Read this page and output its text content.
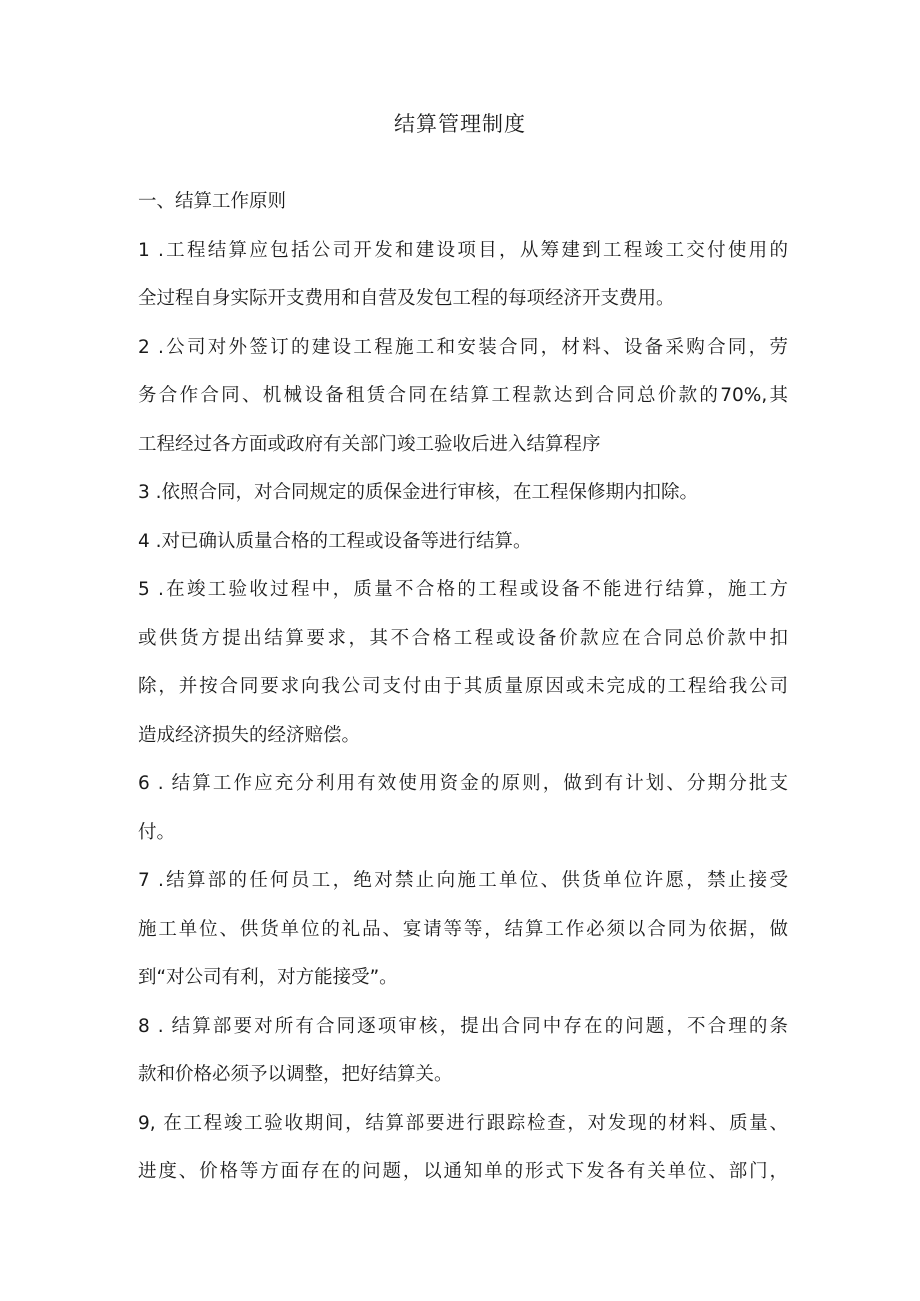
结算管理制度
一、结算工作原则
1 .工程结算应包括公司开发和建设项目，从筹建到工程竣工交付使用的
全过程自身实际开支费用和自营及发包工程的每项经济开支费用。
2 .公司对外签订的建设工程施工和安装合同，材料、设备采购合同，劳
务合作合同、机械设备租赁合同在结算工程款达到合同总价款的70%,其
工程经过各方面或政府有关部门竣工验收后进入结算程序
3 .依照合同，对合同规定的质保金进行审核，在工程保修期内扣除。
4 .对已确认质量合格的工程或设备等进行结算。
5 .在竣工验收过程中，质量不合格的工程或设备不能进行结算，施工方
或供货方提出结算要求，其不合格工程或设备价款应在合同总价款中扣
除，并按合同要求向我公司支付由于其质量原因或未完成的工程给我公司
造成经济损失的经济赔偿。
6 . 结算工作应充分利用有效使用资金的原则，做到有计划、分期分批支
付。
7 .结算部的任何员工，绝对禁止向施工单位、供货单位许愿，禁止接受
施工单位、供货单位的礼品、宴请等等，结算工作必须以合同为依据，做
到“对公司有利，对方能接受”。
8 . 结算部要对所有合同逐项审核，提出合同中存在的问题，不合理的条
款和价格必须予以调整，把好结算关。
9, 在工程竣工验收期间，结算部要进行跟踪检查，对发现的材料、质量、
进度、价格等方面存在的问题，以通知单的形式下发各有关单位、部门，
